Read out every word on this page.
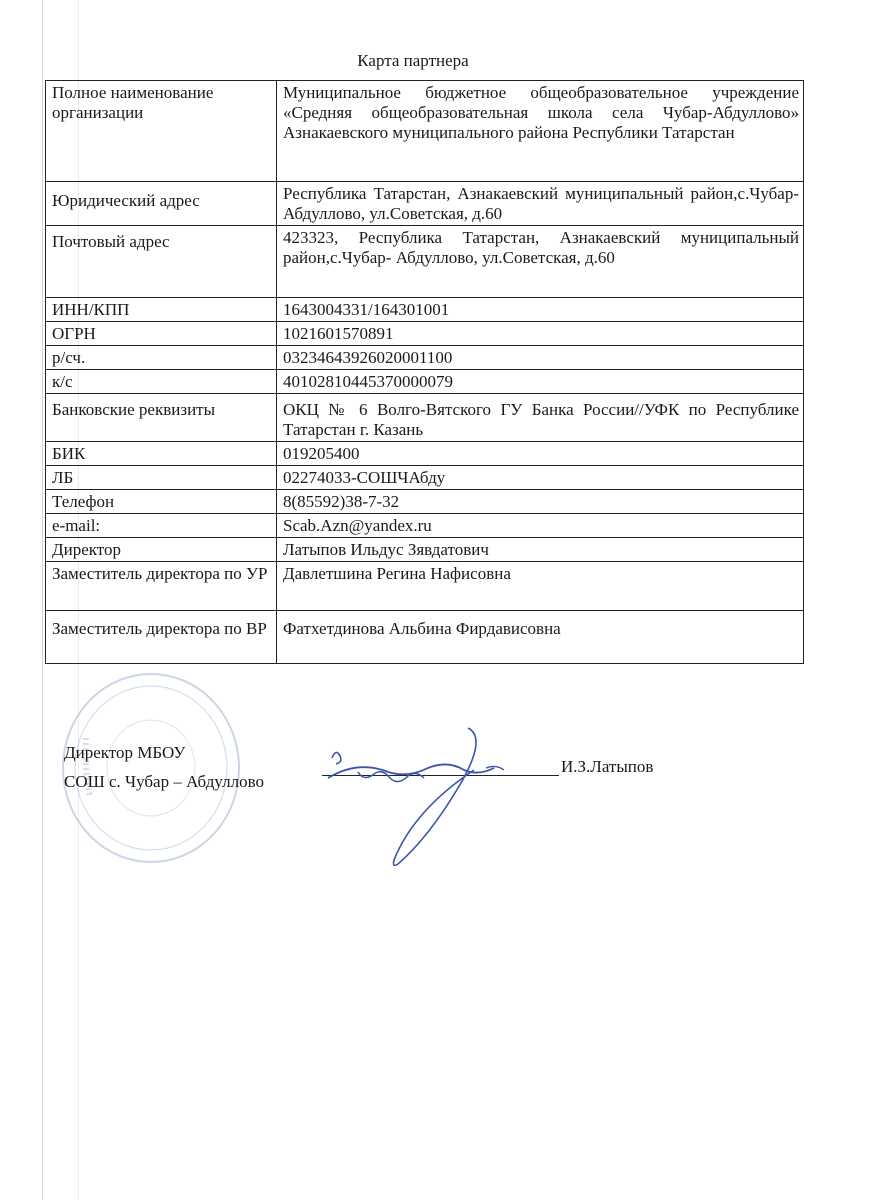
Карта партнера
Полное наименование организации	Муниципальное бюджетное общеобразовательное учреждение «Средняя общеобразовательная школа села Чубар-Абдуллово» Азнакаевского муниципального района Республики Татарстан
Юридический адрес	Республика Татарстан, Азнакаевский муниципальный район,с.Чубар- Абдуллово, ул.Советская, д.60
Почтовый адрес	423323, Республика Татарстан, Азнакаевский муниципальный район,с.Чубар- Абдуллово, ул.Советская, д.60
ИНН/КПП	1643004331/164301001
ОГРН	1021601570891
р/сч.	03234643926020001100
к/с	40102810445370000079
Банковские реквизиты	ОКЦ № 6 Волго-Вятского ГУ Банка России//УФК по Республике Татарстан г. Казань
БИК	019205400
ЛБ	02274033-СОШЧАбду
Телефон	8(85592)38-7-32
e-mail:	Scab.Azn@yandex.ru
Директор	Латыпов Ильдус Зявдатович
Заместитель директора по УР	Давлетшина Регина Нафисовна
Заместитель директора по ВР	Фатхетдинова Альбина Фирдависовна
Директор МБОУ
СОШ с. Чубар – Абдуллово
И.З.Латыпов
